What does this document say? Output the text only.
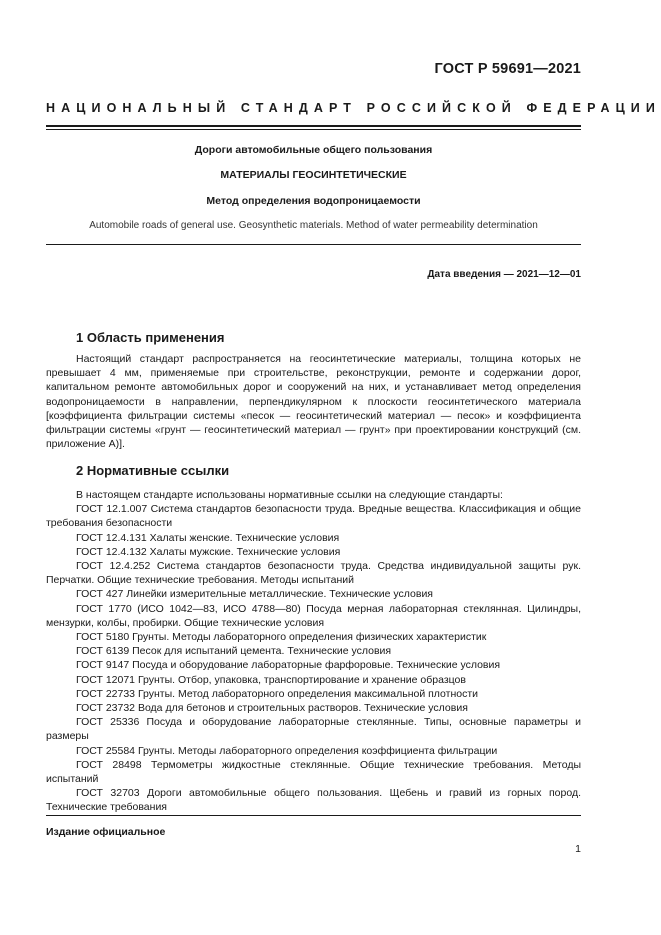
ГОСТ Р 59691—2021
НАЦИОНАЛЬНЫЙ СТАНДАРТ РОССИЙСКОЙ ФЕДЕРАЦИИ
Дороги автомобильные общего пользования
МАТЕРИАЛЫ ГЕОСИНТЕТИЧЕСКИЕ
Метод определения водопроницаемости
Automobile roads of general use. Geosynthetic materials. Method of water permeability determination
Дата введения — 2021—12—01
1 Область применения

Настоящий стандарт распространяется на геосинтетические материалы, толщина которых не превышает 4 мм, применяемые при строительстве, реконструкции, ремонте и содержании дорог, капитальном ремонте автомобильных дорог и сооружений на них, и устанавливает метод определения водопроницаемости в направлении, перпендикулярном к плоскости геосинтетического материала [коэффициента фильтрации системы «песок — геосинтетический материал — песок» и коэффициента фильтрации системы «грунт — геосинтетический материал — грунт» при проектировании конструкций (см. приложение А)].

2 Нормативные ссылки

В настоящем стандарте использованы нормативные ссылки на следующие стандарты:

ГОСТ 12.1.007 Система стандартов безопасности труда. Вредные вещества. Классификация и общие требования безопасности

ГОСТ 12.4.131 Халаты женские. Технические условия

ГОСТ 12.4.132 Халаты мужские. Технические условия

ГОСТ 12.4.252 Система стандартов безопасности труда. Средства индивидуальной защиты рук. Перчатки. Общие технические требования. Методы испытаний

ГОСТ 427 Линейки измерительные металлические. Технические условия

ГОСТ 1770 (ИСО 1042—83, ИСО 4788—80) Посуда мерная лабораторная стеклянная. Цилиндры, мензурки, колбы, пробирки. Общие технические условия

ГОСТ 5180 Грунты. Методы лабораторного определения физических характеристик

ГОСТ 6139 Песок для испытаний цемента. Технические условия

ГОСТ 9147 Посуда и оборудование лабораторные фарфоровые. Технические условия

ГОСТ 12071 Грунты. Отбор, упаковка, транспортирование и хранение образцов

ГОСТ 22733 Грунты. Метод лабораторного определения максимальной плотности

ГОСТ 23732 Вода для бетонов и строительных растворов. Технические условия

ГОСТ 25336 Посуда и оборудование лабораторные стеклянные. Типы, основные параметры и размеры

ГОСТ 25584 Грунты. Методы лабораторного определения коэффициента фильтрации

ГОСТ 28498 Термометры жидкостные стеклянные. Общие технические требования. Методы испытаний

ГОСТ 32703 Дороги автомобильные общего пользования. Щебень и гравий из горных пород. Технические требования

Издание официальное
1
